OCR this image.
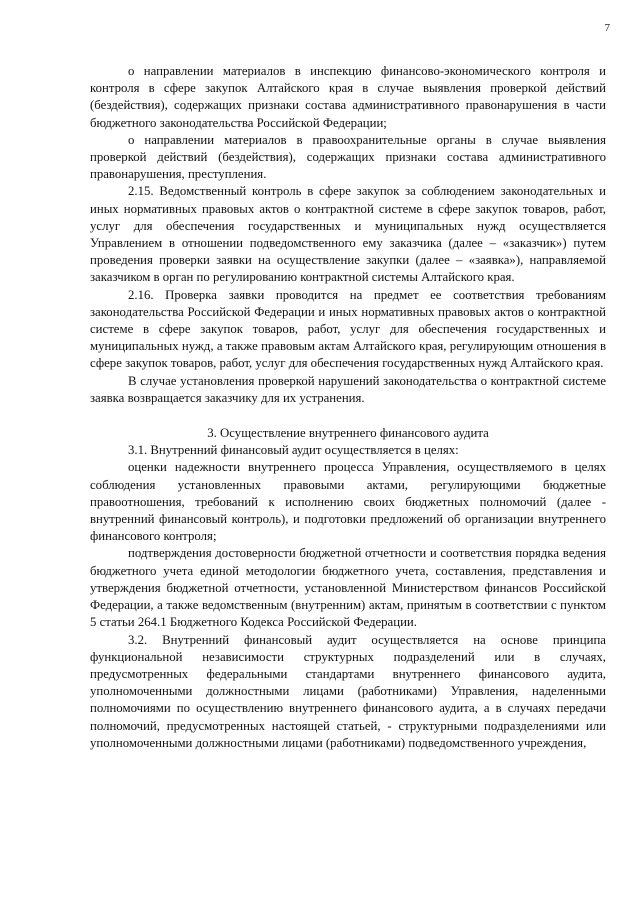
7

о направлении материалов в инспекцию финансово-экономического контроля и контроля в сфере закупок Алтайского края в случае выявления проверкой действий (бездействия), содержащих признаки состава административного правонарушения в части бюджетного законодательства Российской Федерации;

о направлении материалов в правоохранительные органы в случае выявления проверкой действий (бездействия), содержащих признаки состава административного правонарушения, преступления.

2.15. Ведомственный контроль в сфере закупок за соблюдением законодательных и иных нормативных правовых актов о контрактной системе в сфере закупок товаров, работ, услуг для обеспечения государственных и муниципальных нужд осуществляется Управлением в отношении подведомственного ему заказчика (далее – «заказчик») путем проведения проверки заявки на осуществление закупки (далее – «заявка»), направляемой заказчиком в орган по регулированию контрактной системы Алтайского края.

2.16. Проверка заявки проводится на предмет ее соответствия требованиям законодательства Российской Федерации и иных нормативных правовых актов о контрактной системе в сфере закупок товаров, работ, услуг для обеспечения государственных и муниципальных нужд, а также правовым актам Алтайского края, регулирующим отношения в сфере закупок товаров, работ, услуг для обеспечения государственных нужд Алтайского края.

В случае установления проверкой нарушений законодательства о контрактной системе заявка возвращается заказчику для их устранения.

3. Осуществление внутреннего финансового аудита

3.1. Внутренний финансовый аудит осуществляется в целях:

оценки надежности внутреннего процесса Управления, осуществляемого в целях соблюдения установленных правовыми актами, регулирующими бюджетные правоотношения, требований к исполнению своих бюджетных полномочий (далее - внутренний финансовый контроль), и подготовки предложений об организации внутреннего финансового контроля;

подтверждения достоверности бюджетной отчетности и соответствия порядка ведения бюджетного учета единой методологии бюджетного учета, составления, представления и утверждения бюджетной отчетности, установленной Министерством финансов Российской Федерации, а также ведомственным (внутренним) актам, принятым в соответствии с пунктом 5 статьи 264.1 Бюджетного Кодекса Российской Федерации.

3.2. Внутренний финансовый аудит осуществляется на основе принципа функциональной независимости структурных подразделений или в случаях, предусмотренных федеральными стандартами внутреннего финансового аудита, уполномоченными должностными лицами (работниками) Управления, наделенными полномочиями по осуществлению внутреннего финансового аудита, а в случаях передачи полномочий, предусмотренных настоящей статьей, - структурными подразделениями или уполномоченными должностными лицами (работниками) подведомственного учреждения,
